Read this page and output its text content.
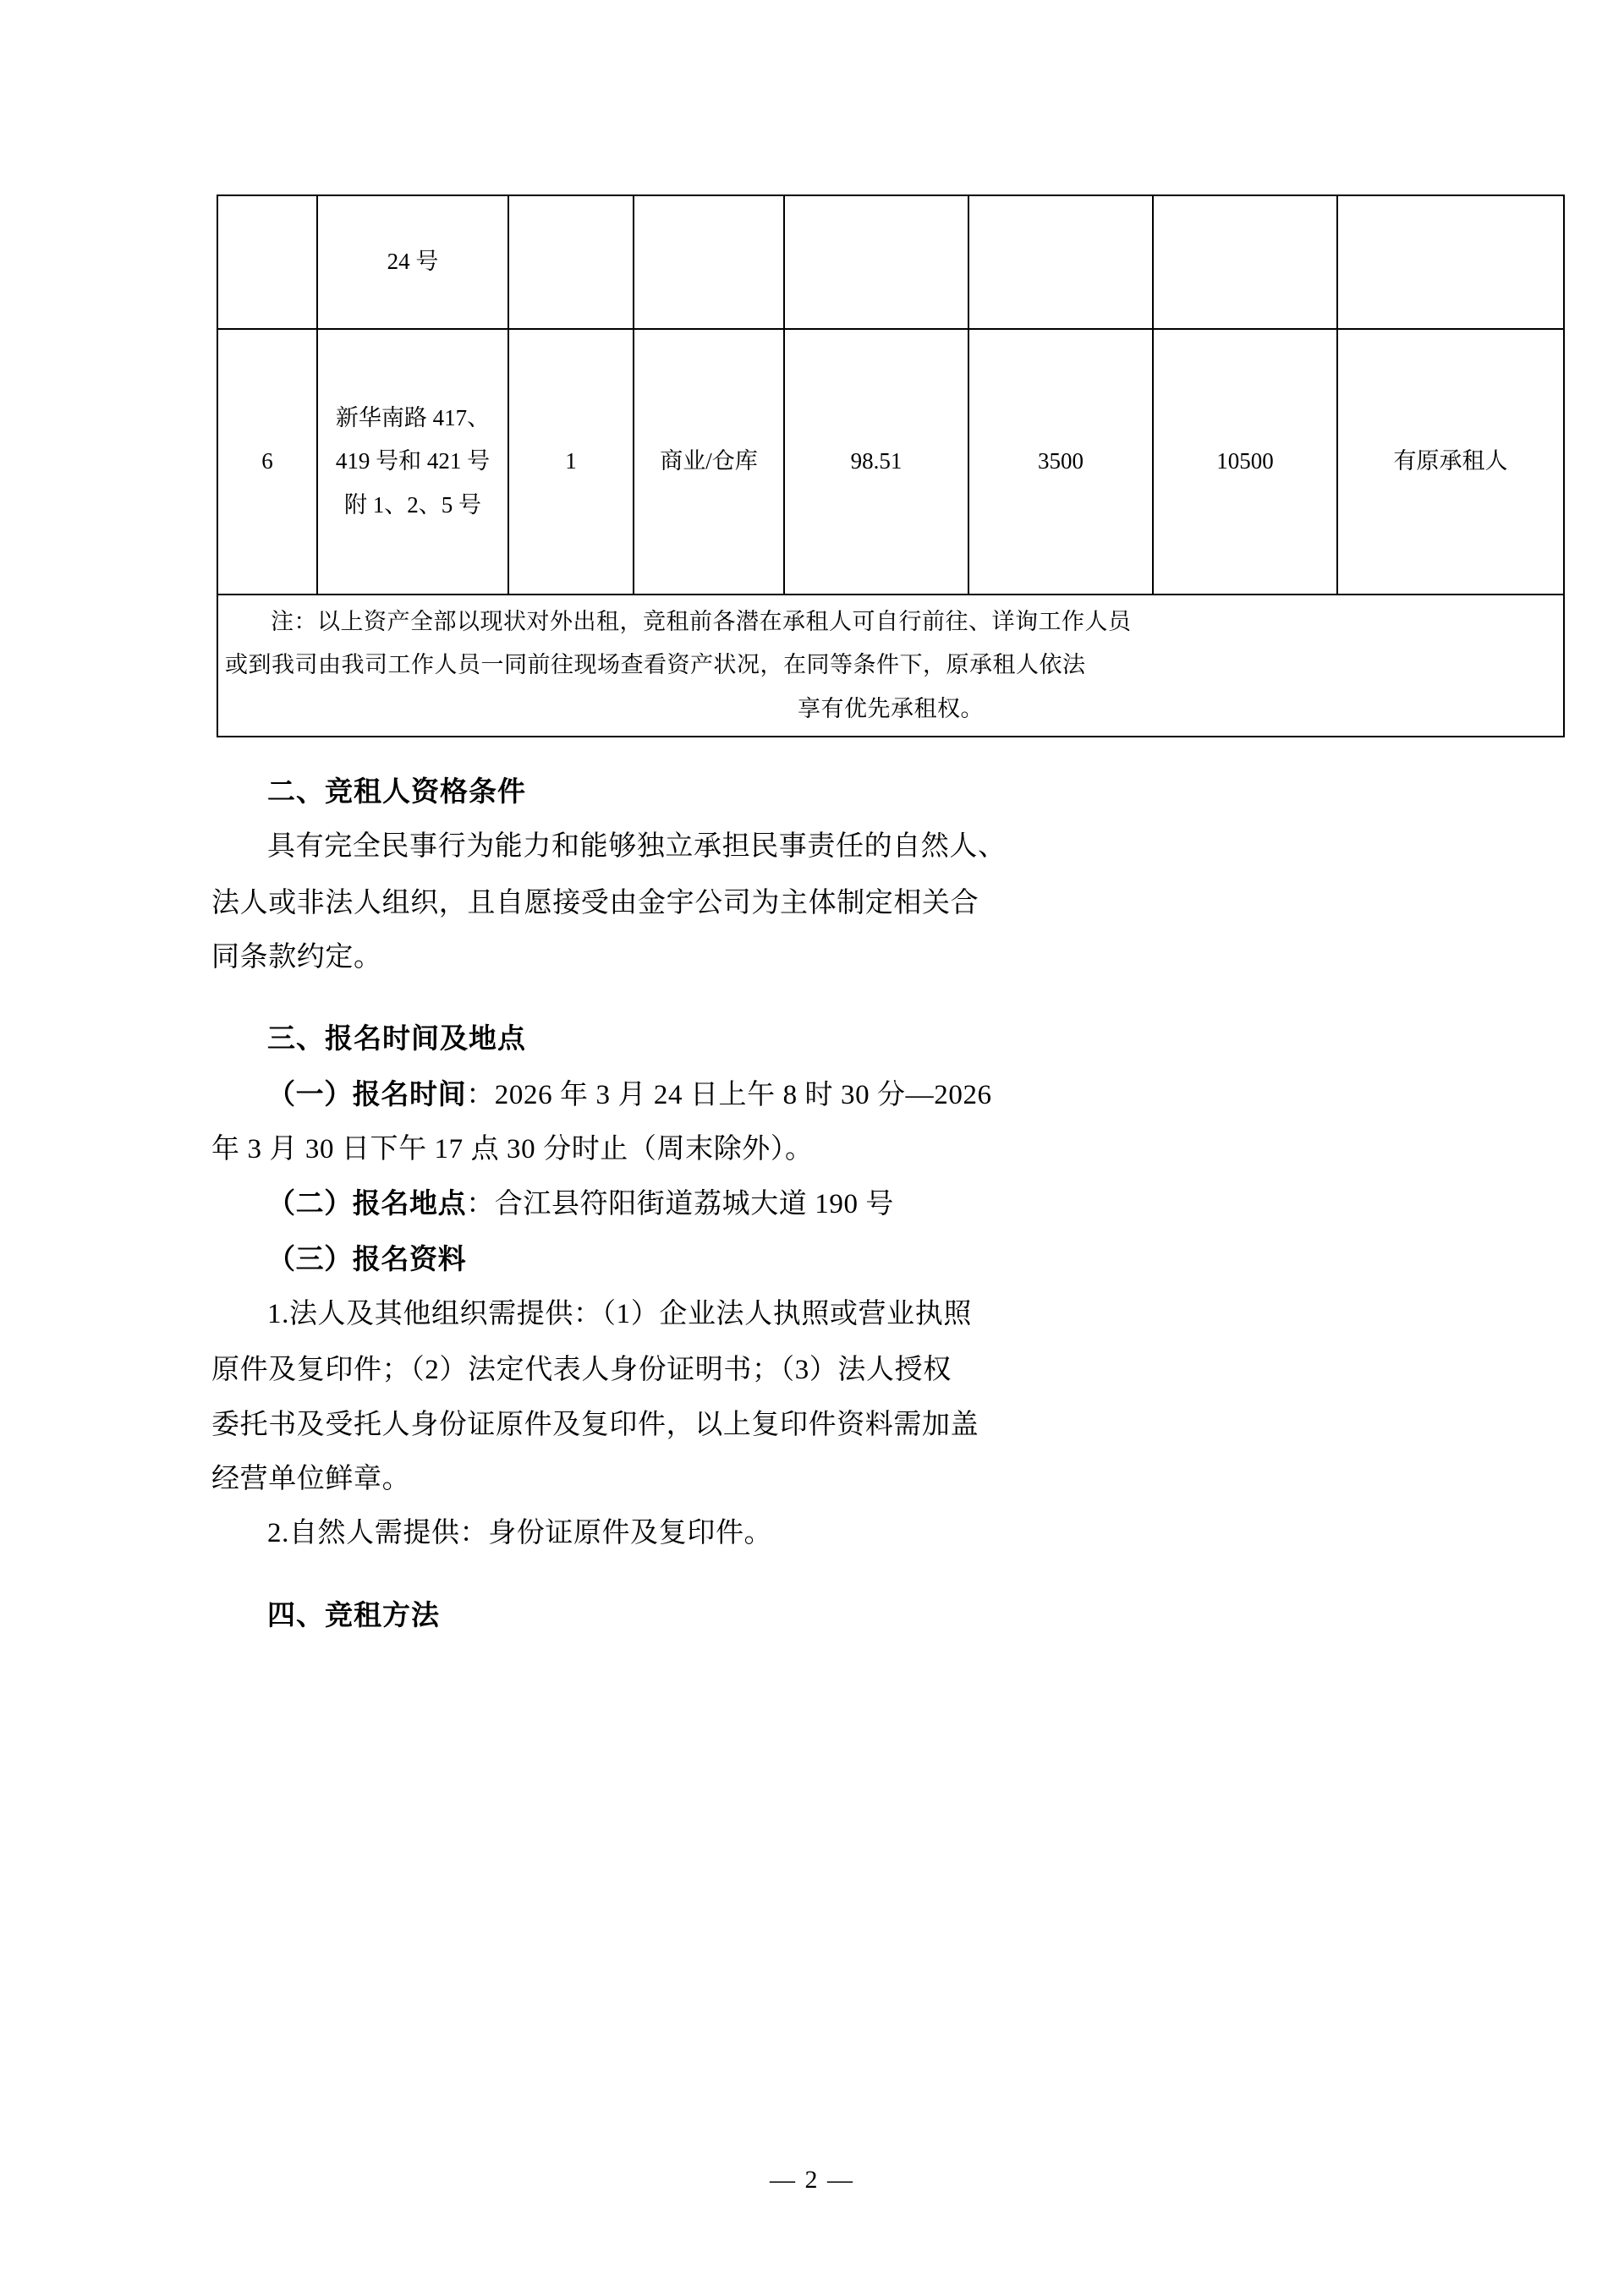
	24 号						
6	新华南路 417、419 号和 421 号附 1、2、5 号	1	商业/仓库	98.51	3500	10500	有原承租人

注：以上资产全部以现状对外出租，竞租前各潜在承租人可自行前往、详询工作人员
或到我司由我司工作人员一同前往现场查看资产状况，在同等条件下，原承租人依法
享有优先承租权。							
二、竞租人资格条件

具有完全民事行为能力和能够独立承担民事责任的自然人、

法人或非法人组织，且自愿接受由金宇公司为主体制定相关合

同条款约定。

三、报名时间及地点

（一）报名时间：2026 年 3 月 24 日上午 8 时 30 分—2026

年 3 月 30 日下午 17 点 30 分时止（周末除外）。

（二）报名地点：合江县符阳街道荔城大道 190 号

（三）报名资料

1.法人及其他组织需提供：（1）企业法人执照或营业执照

原件及复印件；（2）法定代表人身份证明书；（3）法人授权

委托书及受托人身份证原件及复印件，以上复印件资料需加盖

经营单位鲜章。

2.自然人需提供：身份证原件及复印件。

四、竞租方法
— 2 —
